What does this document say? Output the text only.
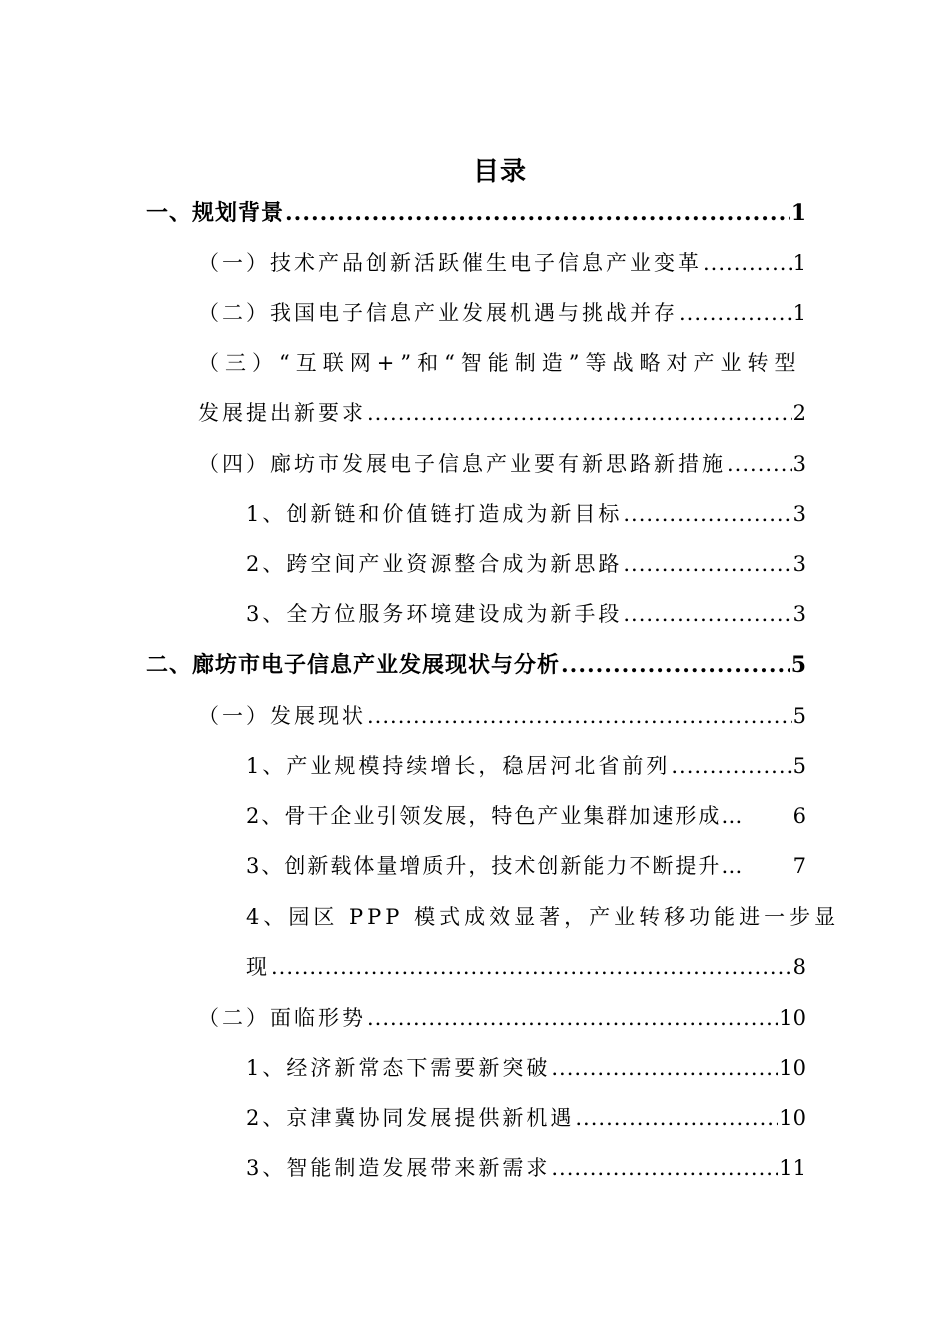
目录
一、规划背景 .....	1
（一）技术产品创新活跃催生电子信息产业变革 .....	1
（二）我国电子信息产业发展机遇与挑战并存 .....	1
（三）“互联网+”和“智能制造”等战略对产业转型
发展提出新要求 .....	2
（四）廊坊市发展电子信息产业要有新思路新措施 .....	3
1、创新链和价值链打造成为新目标 .....	3
2、跨空间产业资源整合成为新思路 .....	3
3、全方位服务环境建设成为新手段 .....	3
二、廊坊市电子信息产业发展现状与分析 .....	5
（一）发展现状 .....	5
1、产业规模持续增长，稳居河北省前列 .....	5
2、骨干企业引领发展，特色产业集群加速形成… 6
3、创新载体量增质升，技术创新能力不断提升… 7
4、园区 PPP 模式成效显著，产业转移功能进一步显
现 .....	8
（二）面临形势 .....	10
1、经济新常态下需要新突破 .....	10
2、京津冀协同发展提供新机遇 .....	10
3、智能制造发展带来新需求 .....	11
